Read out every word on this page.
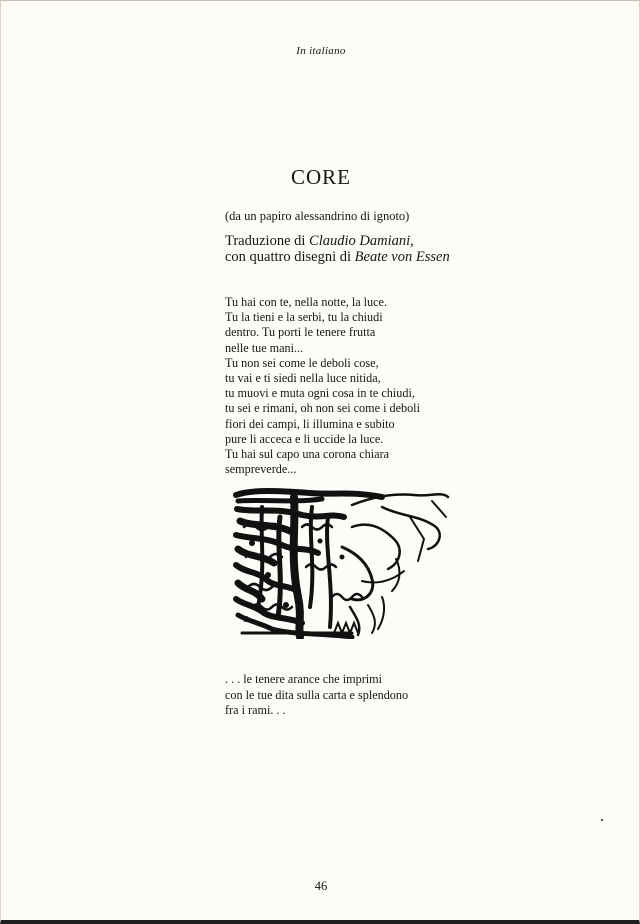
In italiano
CORE
(da un papiro alessandrino di ignoto)
Traduzione di Claudio Damiani,
con quattro disegni di Beate von Essen
Tu hai con te, nella notte, la luce.
Tu la tieni e la serbi, tu la chiudi
dentro. Tu porti le tenere frutta
nelle tue mani...
Tu non sei come le deboli cose,
tu vai e ti siedi nella luce nitida,
tu muovi e muta ogni cosa in te chiudi,
tu sei e rimani, oh non sei come i deboli
fiori dei campi, li illumina e subito
pure li acceca e li uccide la luce.
Tu hai sul capo una corona chiara
sempreverde...
. . . le tenere arance che imprimi
con le tue dita sulla carta e splendono
fra i rami. . .
46
